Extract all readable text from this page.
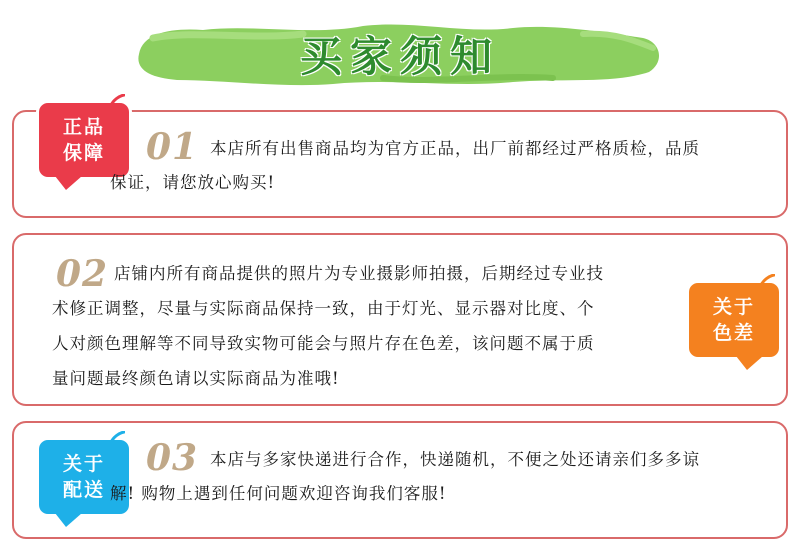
买家须知
正品
保障 01 本店所有出售商品均为官方正品，出厂前都经过严格质检，品质
保证，请您放心购买!
关于
色差
02 店铺内所有商品提供的照片为专业摄影师拍摄，后期经过专业技
术修正调整，尽量与实际商品保持一致，由于灯光、显示器对比度、个
人对颜色理解等不同导致实物可能会与照片存在色差，该问题不属于质
量问题最终颜色请以实际商品为准哦!
关于
配送
03 本店与多家快递进行合作，快递随机，不便之处还请亲们多多谅
解! 购物上遇到任何问题欢迎咨询我们客服!
